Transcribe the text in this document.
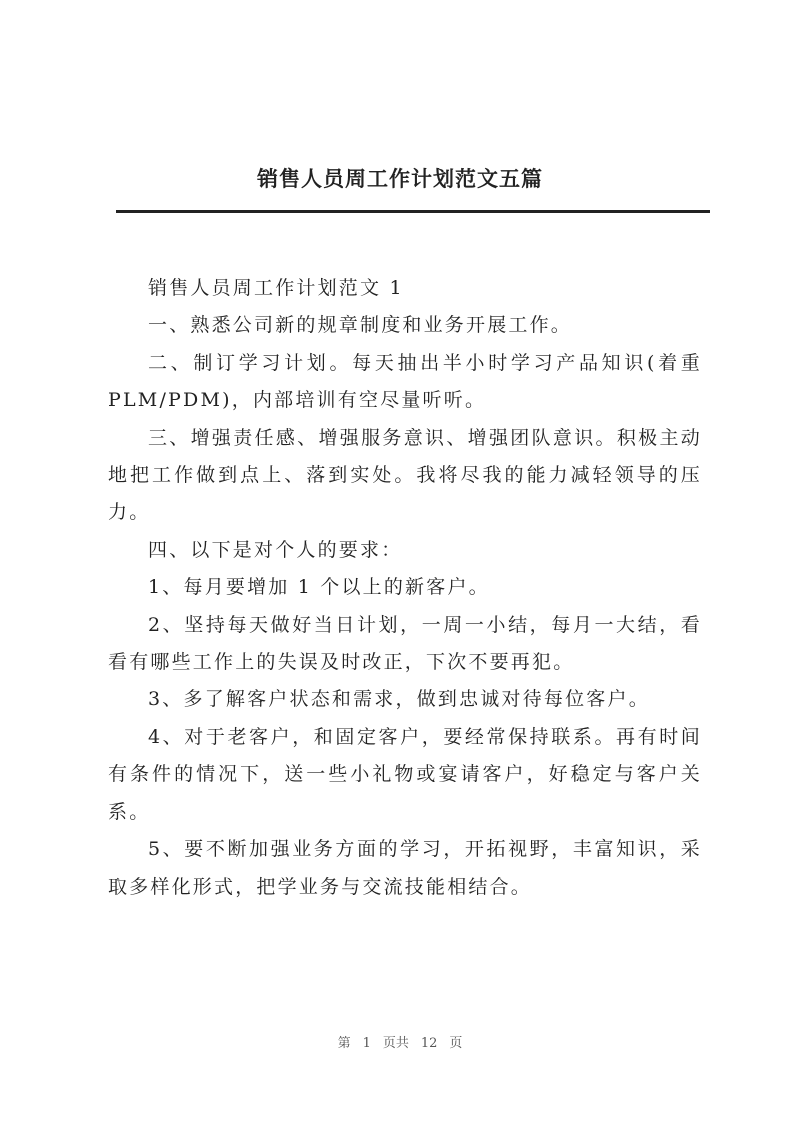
销售人员周工作计划范文五篇

销售人员周工作计划范文 1

一、熟悉公司新的规章制度和业务开展工作。

二、制订学习计划。每天抽出半小时学习产品知识(着重PLM/PDM)，内部培训有空尽量听听。

三、增强责任感、增强服务意识、增强团队意识。积极主动地把工作做到点上、落到实处。我将尽我的能力减轻领导的压力。

四、以下是对个人的要求：

1、每月要增加 1 个以上的新客户。

2、坚持每天做好当日计划，一周一小结，每月一大结，看看有哪些工作上的失误及时改正，下次不要再犯。

3、多了解客户状态和需求，做到忠诚对待每位客户。

4、对于老客户，和固定客户，要经常保持联系。再有时间有条件的情况下，送一些小礼物或宴请客户，好稳定与客户关系。

5、要不断加强业务方面的学习，开拓视野，丰富知识，采取多样化形式，把学业务与交流技能相结合。

第 1 页共 12 页
